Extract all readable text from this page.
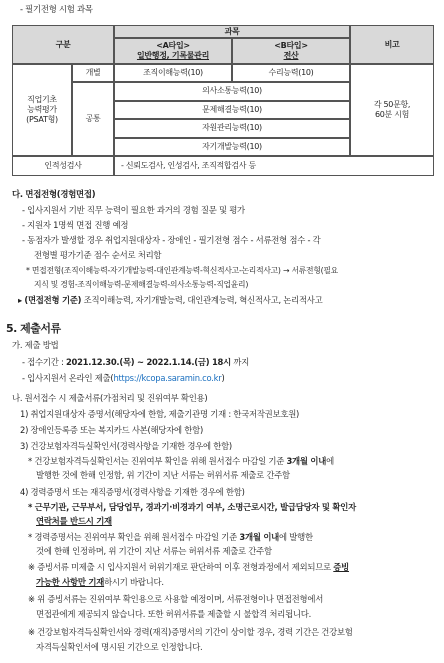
- 필기전형 시험 과목
구분
과목
비고
<A타입>
일반행정, 기록물관리
<B타입>
전산
직업기초
능력평가
(PSAT형)
개별
공통
조직이해능력(10)	수리능력(10)
의사소통능력(10)
문제해결능력(10)
자원관리능력(10)
자기개발능력(10)
각 50문항,
60분 시험
인적성검사	- 신뢰도검사, 인성검사, 조직적합검사 등
다. 면접전형(경험면접)
- 입사지원서 기반 직무 능력이 필요한 과거의 경험 질문 및 평가
- 지원자 1명씩 면접 진행 예정
- 동점자가 발생할 경우 취업지원대상자 - 장애인 - 필기전형 점수 - 서류전형 점수 - 각
전형별 평가기준 점수 순서로 처리함
* 면접전형(조직이해능력-자기개발능력-대인관계능력-혁신적사고-논리적사고) → 서류전형(필요
지식 및 경험-조직이해능력-문제해결능력-의사소통능력-직업윤리)
▸ (면접전형 기준) 조직이해능력, 자기개발능력, 대인관계능력, 혁신적사고, 논리적사고
5. 제출서류
가. 제출 방법
- 접수기간 : 2021.12.30.(목) ~ 2022.1.14.(금) 18시 까지
- 입사지원서 온라인 제출(https://kcopa.saramin.co.kr)
나. 원서접수 시 제출서류(가점처리 및 진위여부 확인용)
1) 취업지원대상자 증명서(해당자에 한함, 제출기관명 기재 : 한국저작권보호원)
2) 장애인등록증 또는 복지카드 사본(해당자에 한함)
3) 건강보험자격득실확인서(경력사항을 기재한 경우에 한함)
* 건강보험자격득실확인서는 진위여부 확인을 위해 원서접수 마감일 기준 3개월 이내에
발행한 것에 한해 인정함, 위 기간이 지난 서류는 허위서류 제출로 간주함
4) 경력증명서 또는 재직증명서(경력사항을 기재한 경우에 한함)
* 근무기관, 근무부서, 담당업무, 경과기·비경과기 여부, 소명근로시간, 발급담당자 및 확인자
연락처를 반드시 기재
* 경력증명서는 진위여부 확인을 위해 원서접수 마감일 기준 3개월 이내에 발행한
것에 한해 인정하며, 위 기간이 지난 서류는 허위서류 제출로 간주함
※ 증빙서류 미제출 시 입사지원서 허위기재로 판단하여 이후 전형과정에서 제외되므로 증빙
가능한 사항만 기재하시기 바랍니다.
※ 위 증빙서류는 진위여부 확인용으로 사용할 예정이며, 서류전형이나 면접전형에서
면접관에게 제공되지 않습니다. 또한 허위서류를 제출할 시 불합격 처리됩니다.
※ 건강보험자격득실확인서와 경력(재직)증명서의 기간이 상이할 경우, 경력 기간은 건강보험
자격득실확인서에 명시된 기간으로 인정합니다.
